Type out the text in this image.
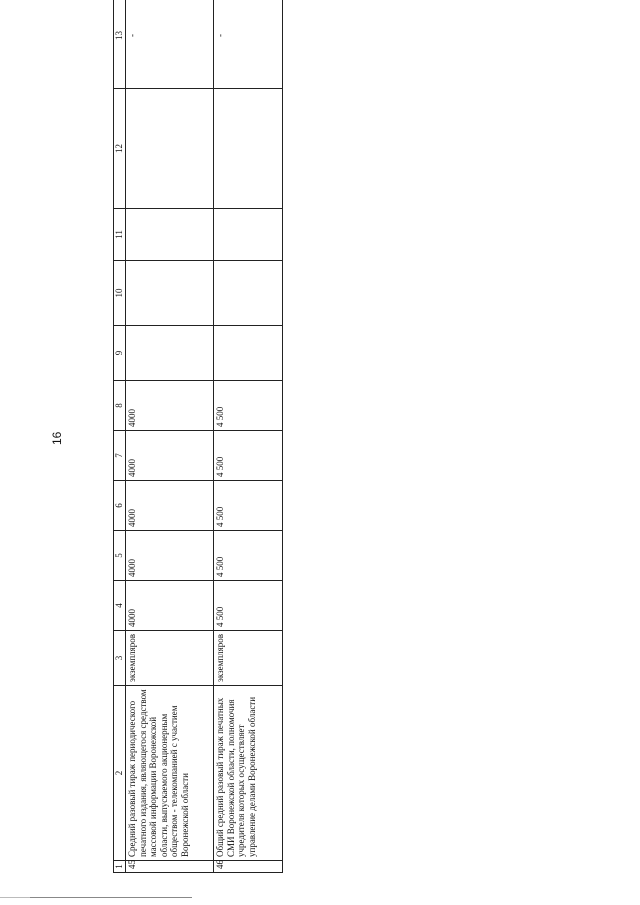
16
1	2	3	4	5	6	7	8	9	10	11	12	13
45	Средний разовый тираж периодического печатного издания, являющегося средством массовой информации Воронежской области, выпускаемого акционерным обществом - телекомпанией с участием Воронежской области	экземпляров	4000	4000	4000	4000	4000					-
46	Общий средний разовый тираж печатных СМИ Воронежской области, полномочия учредителя которых осуществляет управление делами Воронежской области	экземпляров	4 500	4 500	4 500	4 500	4 500					-
